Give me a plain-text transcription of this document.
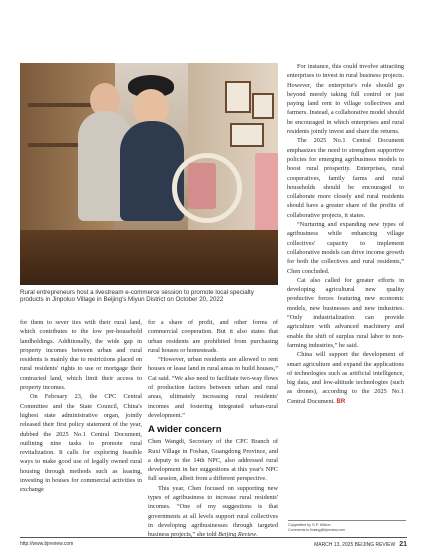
Rural entrepreneurs host a livestream e-commerce session to promote local specialty products in Jinpoluo Village in Beijing's Miyun District on October 20, 2022

for them to sever ties with their rural land, which contributes to the low per-household landholdings. Additionally, the wide gap in property incomes between urban and rural residents is mainly due to restrictions placed on rural residents' rights to use or mortgage their contracted land, which limit their access to property incomes.

On February 23, the CPC Central Committee and the State Council, China's highest state administrative organ, jointly released their first policy statement of the year, dubbed the 2025 No.1 Central Document, outlining nine tasks to promote rural revitalization. It calls for exploring feasible ways to make good use of legally owned rural housing through methods such as leasing, investing in houses for commercial activities in exchange

for a share of profit, and other forms of commercial cooperation. But it also states that urban residents are prohibited from purchasing rural houses or homesteads.

“However, urban residents are allowed to rent houses or lease land in rural areas to build houses,” Cai said. “We also need to facilitate two-way flows of production factors between urban and rural areas, ultimately increasing rural residents' incomes and fostering integrated urban-rural development.”

A wider concern

Chen Wangdi, Secretary of the CPC Branch of Ruxi Village in Foshan, Guangdong Province, and a deputy to the 14th NPC, also addressed rural development in her suggestions at this year's NPC full session, albeit from a different perspective.

This year, Chen focused on supporting new types of agribusiness to increase rural residents' incomes. “One of my suggestions is that governments at all levels support rural collectives in developing agribusinesses through targeted business projects,” she told Beijing Review.

For instance, this could involve attracting enterprises to invest in rural business projects. However, the enterprise's role should go beyond merely taking full control or just paying land rent to village collectives and farmers. Instead, a collaborative model should be encouraged in which enterprises and rural residents jointly invest and share the returns.

The 2025 No.1 Central Document emphasizes the need to strengthen supportive policies for emerging agribusiness models to boost rural prosperity. Enterprises, rural cooperatives, family farms and rural households should be encouraged to collaborate more closely and rural residents should have a greater share of the profits of collaborative projects, it states.

“Nurturing and expanding new types of agribusiness while enhancing village collectives' capacity to implement collaborative models can drive income growth for both the collectives and rural residents,” Chen concluded.

Cai also called for greater efforts in developing agricultural new quality productive forces featuring new economic models, new businesses and new industries. “Only industrialization can provide agriculture with advanced machinery and enable the shift of surplus rural labor to non-farming industries,” he said.

China will support the development of smart agriculture and expand the applications of technologies such as artificial intelligence, big data, and low-altitude technologies (such as drones), according to the 2025 No.1 Central Document. BR

Copyedited by G.P. Wilson
Comments to lixiang@bjreview.com
http://www.bjreview.com	MARCH 13, 2025 BEIJING REVIEW 21
